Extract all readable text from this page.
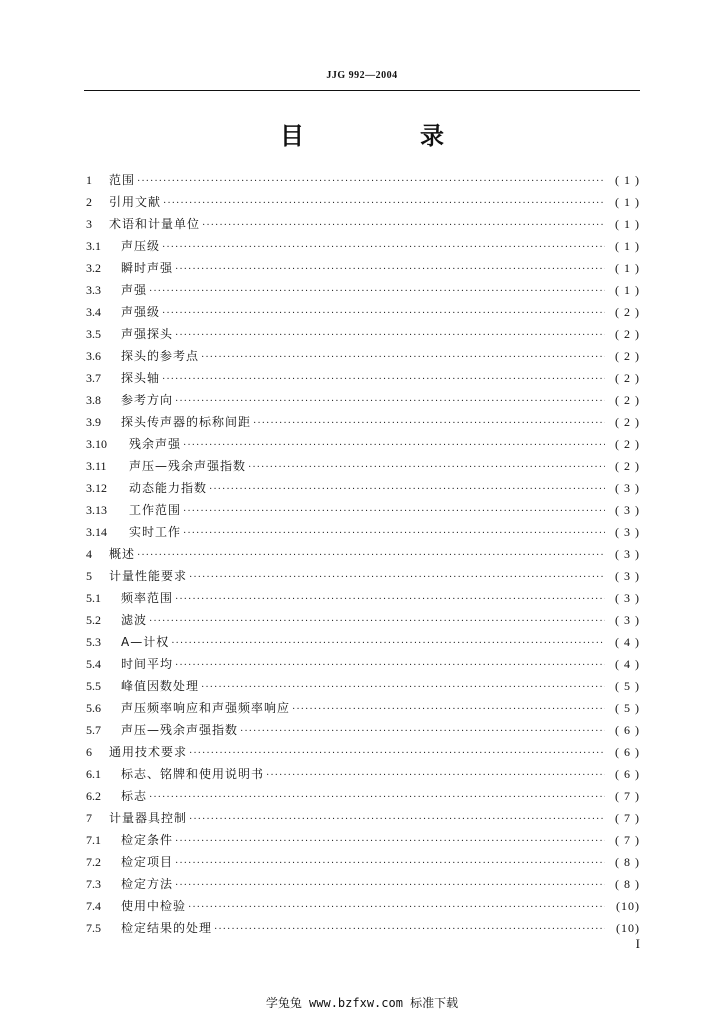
JJG 992—2004
目　录
1	范围 ·····	( 1 )
2	引用文献 ·····	( 1 )
3	术语和计量单位 ·····	( 1 )
3.1	声压级 ·····	( 1 )
3.2	瞬时声强 ·····	( 1 )
3.3	声强 ·····	( 1 )
3.4	声强级 ·····	( 2 )
3.5	声强探头 ·····	( 2 )
3.6	探头的参考点 ·····	( 2 )
3.7	探头轴 ·····	( 2 )
3.8	参考方向 ·····	( 2 )
3.9	探头传声器的标称间距 ·····	( 2 )
3.10	残余声强 ·····	( 2 )
3.11	声压—残余声强指数 ·····	( 2 )
3.12	动态能力指数 ·····	( 3 )
3.13	工作范围 ·····	( 3 )
3.14	实时工作 ·····	( 3 )
4	概述 ·····	( 3 )
5	计量性能要求 ·····	( 3 )
5.1	频率范围 ·····	( 3 )
5.2	滤波 ·····	( 3 )
5.3	A—计权 ·····	( 4 )
5.4	时间平均 ·····	( 4 )
5.5	峰值因数处理 ·····	( 5 )
5.6	声压频率响应和声强频率响应 ·····	( 5 )
5.7	声压—残余声强指数 ·····	( 6 )
6	通用技术要求 ·····	( 6 )
6.1	标志、铭牌和使用说明书 ·····	( 6 )
6.2	标志 ·····	( 7 )
7	计量器具控制 ·····	( 7 )
7.1	检定条件 ·····	( 7 )
7.2	检定项目 ·····	( 8 )
7.3	检定方法 ·····	( 8 )
7.4	使用中检验 ·····	(10)
7.5	检定结果的处理 ·····	(10)
I
学兔兔 www.bzfxw.com 标准下载
